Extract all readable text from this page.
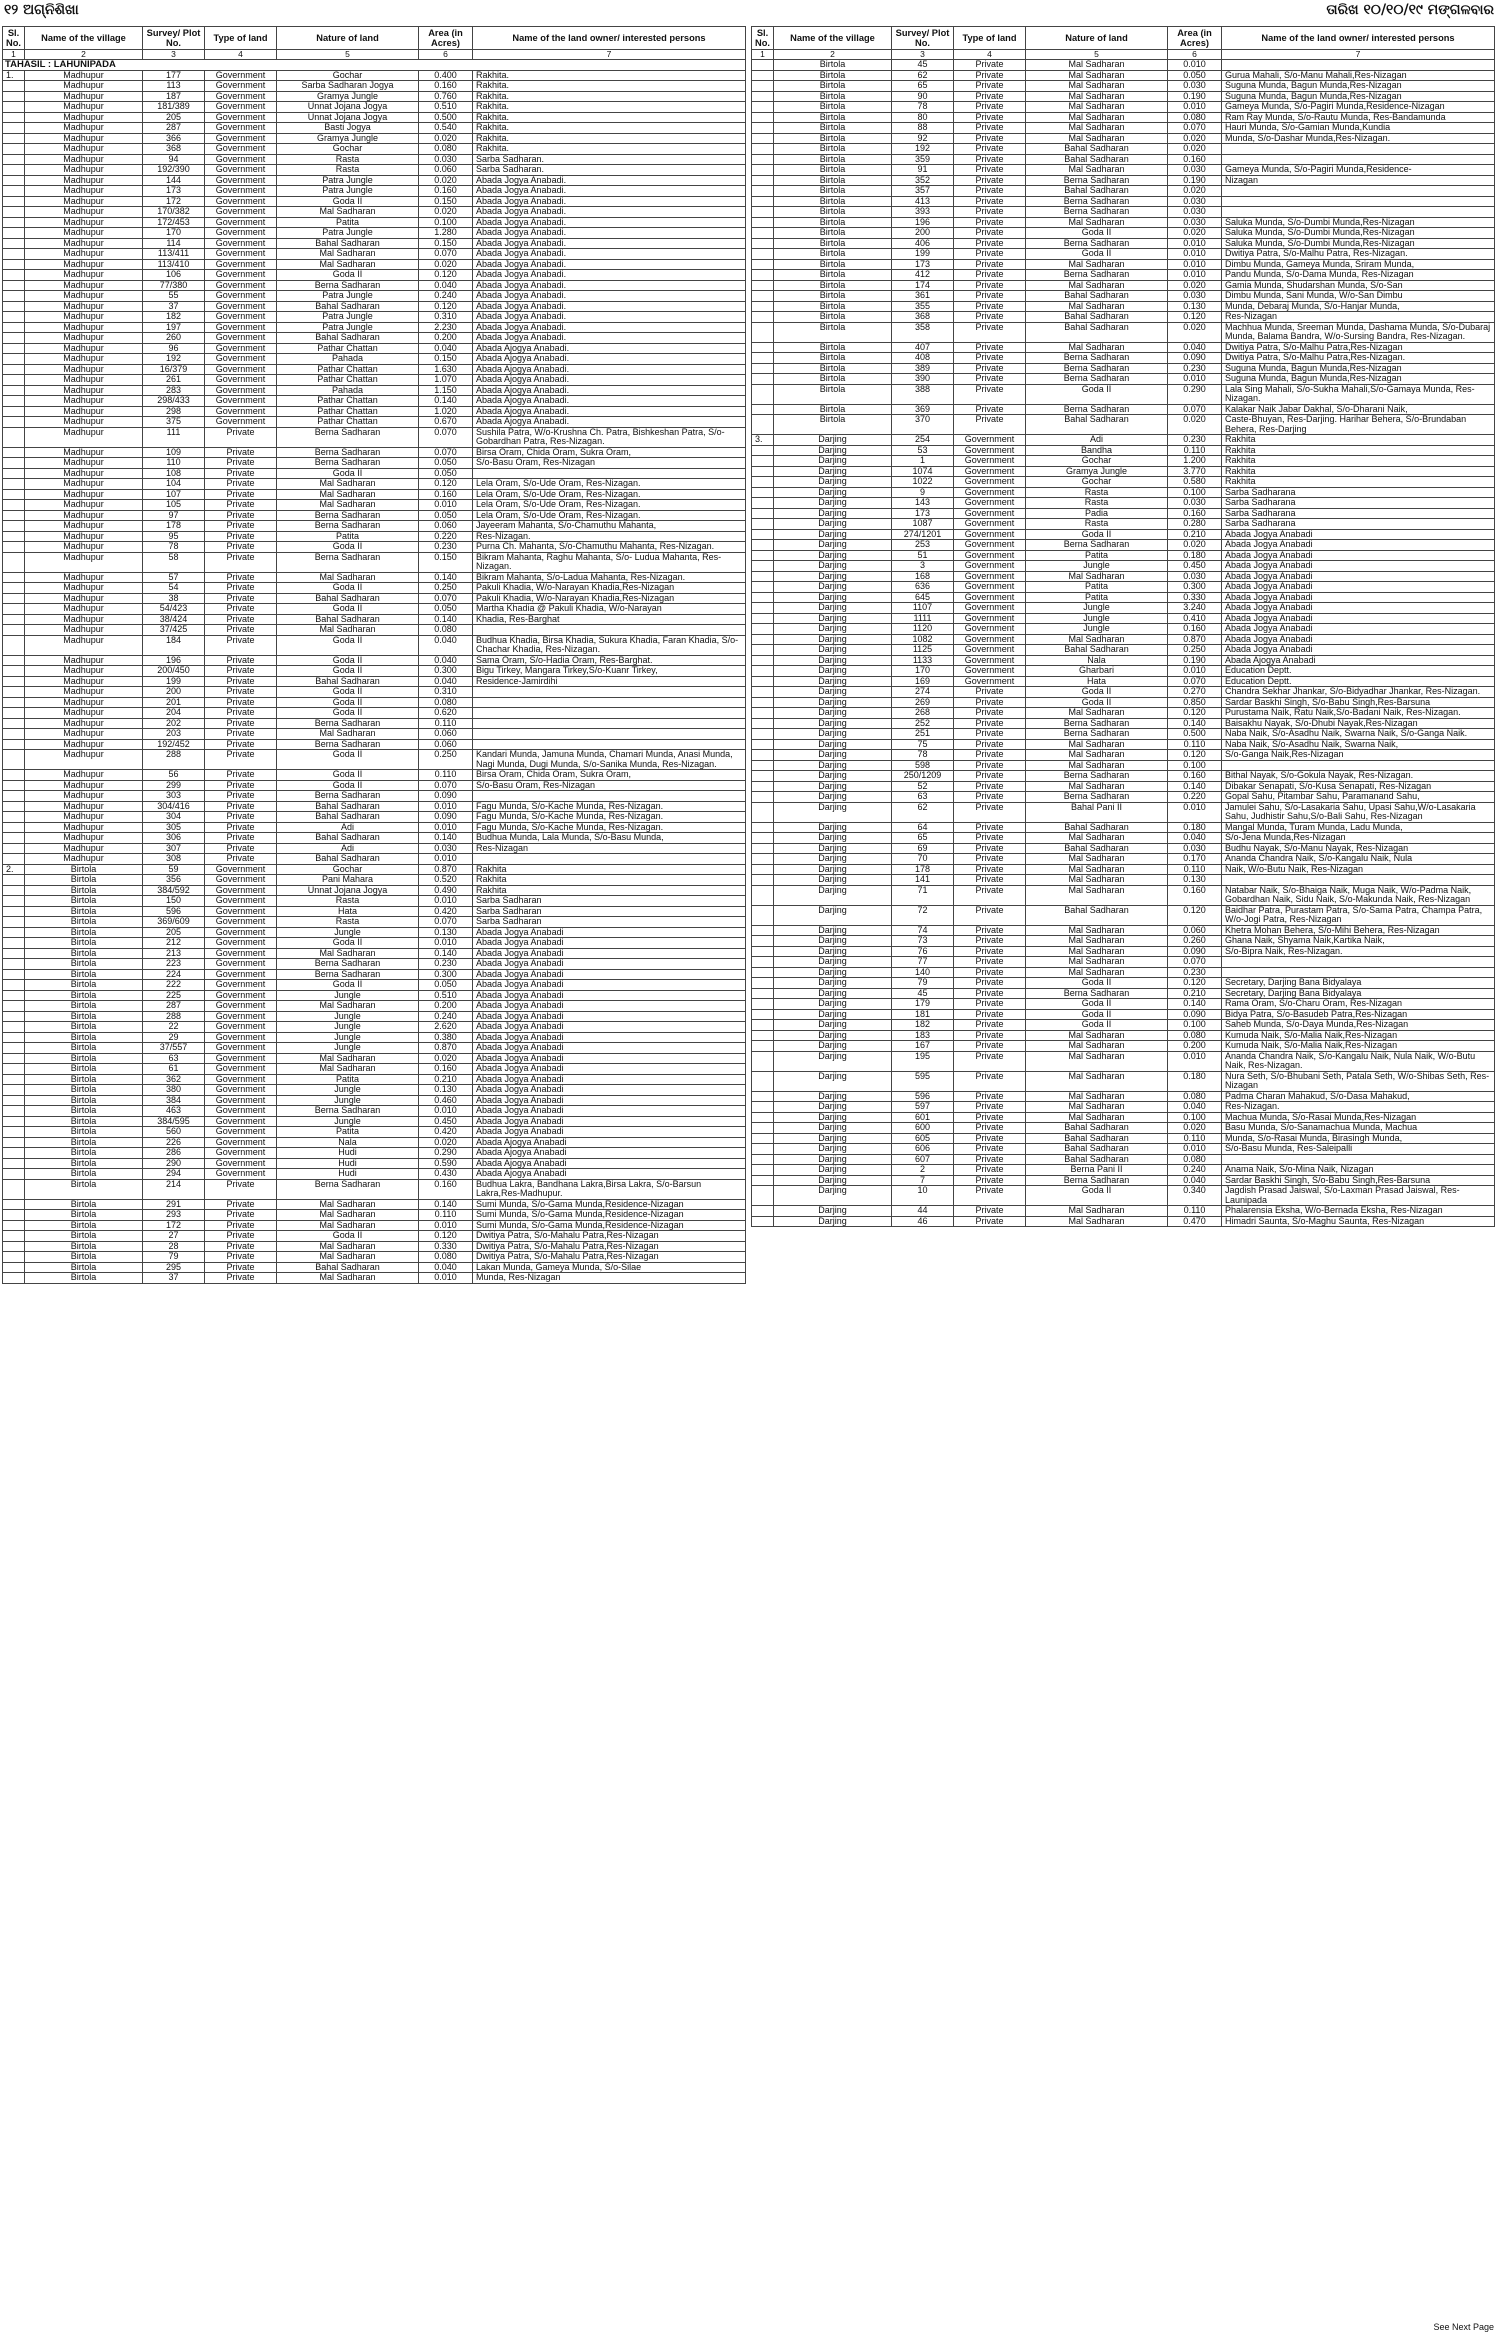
୧୨ ଅଗ୍ନିଶିଖା	ତାରିଖ ୧୦/୧୦/୧୯ ମଙ୍ଗଳବାର
Sl. No.	Name of the village	Survey/ Plot No.	Type of land	Nature of land	Area (in Acres)	Name of the land owner/ interested persons
1	2	3	4	5	6	7
TAHASIL : LAHUNIPADA						
1.	Madhupur	177	Government	Gochar	0.400	Rakhita.
	Madhupur	113	Government	Sarba Sadharan Jogya	0.160	Rakhita.
	Madhupur	187	Government	Gramya Jungle	0.760	Rakhita.
	Madhupur	181/389	Government	Unnat Jojana Jogya	0.510	Rakhita.
	Madhupur	205	Government	Unnat Jojana Jogya	0.500	Rakhita.
	Madhupur	287	Government	Basti Jogya	0.540	Rakhita.
	Madhupur	366	Government	Gramya Jungle	0.020	Rakhita.
	Madhupur	368	Government	Gochar	0.080	Rakhita.
	Madhupur	94	Government	Rasta	0.030	Sarba Sadharan.
	Madhupur	192/390	Government	Rasta	0.060	Sarba Sadharan.
	Madhupur	144	Government	Patra Jungle	0.020	Abada Jogya Anabadi.
	Madhupur	173	Government	Patra Jungle	0.160	Abada Jogya Anabadi.
	Madhupur	172	Government	Goda II	0.150	Abada Jogya Anabadi.
	Madhupur	170/382	Government	Mal Sadharan	0.020	Abada Jogya Anabadi.
	Madhupur	172/453	Government	Patita	0.100	Abada Jogya Anabadi.
	Madhupur	170	Government	Patra Jungle	1.280	Abada Jogya Anabadi.
	Madhupur	114	Government	Bahal Sadharan	0.150	Abada Jogya Anabadi.
	Madhupur	113/411	Government	Mal Sadharan	0.070	Abada Jogya Anabadi.
	Madhupur	113/410	Government	Mal Sadharan	0.020	Abada Jogya Anabadi.
	Madhupur	106	Government	Goda II	0.120	Abada Jogya Anabadi.
	Madhupur	77/380	Government	Berna Sadharan	0.040	Abada Jogya Anabadi.
	Madhupur	55	Government	Patra Jungle	0.240	Abada Jogya Anabadi.
	Madhupur	37	Government	Bahal Sadharan	0.120	Abada Jogya Anabadi.
	Madhupur	182	Government	Patra Jungle	0.310	Abada Jogya Anabadi.
	Madhupur	197	Government	Patra Jungle	2.230	Abada Jogya Anabadi.
	Madhupur	260	Government	Bahal Sadharan	0.200	Abada Jogya Anabadi.
	Madhupur	96	Government	Pathar Chattan	0.040	Abada Ajogya Anabadi.
	Madhupur	192	Government	Pahada	0.150	Abada Ajogya Anabadi.
	Madhupur	16/379	Government	Pathar Chattan	1.630	Abada Ajogya Anabadi.
	Madhupur	261	Government	Pathar Chattan	1.070	Abada Ajogya Anabadi.
	Madhupur	283	Government	Pahada	1.150	Abada Ajogya Anabadi.
	Madhupur	298/433	Government	Pathar Chattan	0.140	Abada Ajogya Anabadi.
	Madhupur	298	Government	Pathar Chattan	1.020	Abada Ajogya Anabadi.
	Madhupur	375	Government	Pathar Chattan	0.670	Abada Ajogya Anabadi.
	Madhupur	111	Private	Berna Sadharan	0.070	Sushila Patra, W/o-Krushna Ch. Patra, Bishkeshan Patra, S/o-Gobardhan Patra, Res-Nizagan.
	Madhupur	109	Private	Berna Sadharan	0.070	Birsa Oram, Chida Oram, Sukra Oram,
	Madhupur	110	Private	Berna Sadharan	0.050	S/o-Basu Oram, Res-Nizagan
	Madhupur	108	Private	Goda II	0.050	
	Madhupur	104	Private	Mal Sadharan	0.120	Lela Oram, S/o-Ude Oram, Res-Nizagan.
	Madhupur	107	Private	Mal Sadharan	0.160	Lela Oram, S/o-Ude Oram, Res-Nizagan.
	Madhupur	105	Private	Mal Sadharan	0.010	Lela Oram, S/o-Ude Oram, Res-Nizagan.
	Madhupur	97	Private	Berna Sadharan	0.050	Lela Oram, S/o-Ude Oram, Res-Nizagan.
	Madhupur	178	Private	Berna Sadharan	0.060	Jayeeram Mahanta, S/o-Chamuthu Mahanta,
	Madhupur	95	Private	Patita	0.220	Res-Nizagan.
	Madhupur	78	Private	Goda II	0.230	Purna Ch. Mahanta, S/o-Chamuthu Mahanta, Res-Nizagan.
	Madhupur	58	Private	Berna Sadharan	0.150	Bikram Mahanta, Raghu Mahanta, S/o- Ludua Mahanta, Res-Nizagan.
	Madhupur	57	Private	Mal Sadharan	0.140	Bikram Mahanta, S/o-Ladua Mahanta, Res-Nizagan.
	Madhupur	54	Private	Goda II	0.250	Pakuli Khadia, W/o-Narayan Khadia,Res-Nizagan
	Madhupur	38	Private	Bahal Sadharan	0.070	Pakuli Khadia, W/o-Narayan Khadia,Res-Nizagan
	Madhupur	54/423	Private	Goda II	0.050	Martha Khadia @ Pakuli Khadia, W/o-Narayan
	Madhupur	38/424	Private	Bahal Sadharan	0.140	Khadia, Res-Barghat
	Madhupur	37/425	Private	Mal Sadharan	0.080	
	Madhupur	184	Private	Goda II	0.040	Budhua Khadia, Birsa Khadia, Sukura Khadia, Faran Khadia, S/o-Chachar Khadia, Res-Nizagan.
	Madhupur	196	Private	Goda II	0.040	Sama Oram, S/o-Hadia Oram, Res-Barghat.
	Madhupur	200/450	Private	Goda II	0.300	Bigu Tirkey, Mangara Tirkey,S/o-Kuanr Tirkey,
	Madhupur	199	Private	Bahal Sadharan	0.040	Residence-Jamirdihi
	Madhupur	200	Private	Goda II	0.310	
	Madhupur	201	Private	Goda II	0.080	
	Madhupur	204	Private	Goda II	0.620	
	Madhupur	202	Private	Berna Sadharan	0.110	
	Madhupur	203	Private	Mal Sadharan	0.060	
	Madhupur	192/452	Private	Berna Sadharan	0.060	
	Madhupur	288	Private	Goda II	0.250	Kandari Munda, Jamuna Munda, Chamari Munda, Anasi Munda, Nagi Munda, Dugi Munda, S/o-Sanika Munda, Res-Nizagan.
	Madhupur	56	Private	Goda II	0.110	Birsa Oram, Chida Oram, Sukra Oram,
	Madhupur	299	Private	Goda II	0.070	S/o-Basu Oram, Res-Nizagan
	Madhupur	303	Private	Berna Sadharan	0.090	
	Madhupur	304/416	Private	Bahal Sadharan	0.010	Fagu Munda, S/o-Kache Munda, Res-Nizagan.
	Madhupur	304	Private	Bahal Sadharan	0.090	Fagu Munda, S/o-Kache Munda, Res-Nizagan.
	Madhupur	305	Private	Adi	0.010	Fagu Munda, S/o-Kache Munda, Res-Nizagan.
	Madhupur	306	Private	Bahal Sadharan	0.140	Budhua Munda, Lala Munda, S/o-Basu Munda,
	Madhupur	307	Private	Adi	0.030	Res-Nizagan
	Madhupur	308	Private	Bahal Sadharan	0.010	
2.	Birtola	59	Government	Gochar	0.870	Rakhita
	Birtola	356	Government	Pani Mahara	0.520	Rakhita
	Birtola	384/592	Government	Unnat Jojana Jogya	0.490	Rakhita
	Birtola	150	Government	Rasta	0.010	Sarba Sadharan
	Birtola	596	Government	Hata	0.420	Sarba Sadharan
	Birtola	369/609	Government	Rasta	0.070	Sarba Sadharan
	Birtola	205	Government	Jungle	0.130	Abada Jogya Anabadi
	Birtola	212	Government	Goda II	0.010	Abada Jogya Anabadi
	Birtola	213	Government	Mal Sadharan	0.140	Abada Jogya Anabadi
	Birtola	223	Government	Berna Sadharan	0.230	Abada Jogya Anabadi
	Birtola	224	Government	Berna Sadharan	0.300	Abada Jogya Anabadi
	Birtola	222	Government	Goda II	0.050	Abada Jogya Anabadi
	Birtola	225	Government	Jungle	0.510	Abada Jogya Anabadi
	Birtola	287	Government	Mal Sadharan	0.200	Abada Jogya Anabadi
	Birtola	288	Government	Jungle	0.240	Abada Jogya Anabadi
	Birtola	22	Government	Jungle	2.620	Abada Jogya Anabadi
	Birtola	29	Government	Jungle	0.380	Abada Jogya Anabadi
	Birtola	37/557	Government	Jungle	0.870	Abada Jogya Anabadi
	Birtola	63	Government	Mal Sadharan	0.020	Abada Jogya Anabadi
	Birtola	61	Government	Mal Sadharan	0.160	Abada Jogya Anabadi
	Birtola	362	Government	Patita	0.210	Abada Jogya Anabadi
	Birtola	380	Government	Jungle	0.130	Abada Jogya Anabadi
	Birtola	384	Government	Jungle	0.460	Abada Jogya Anabadi
	Birtola	463	Government	Berna Sadharan	0.010	Abada Jogya Anabadi
	Birtola	384/595	Government	Jungle	0.450	Abada Jogya Anabadi
	Birtola	560	Government	Patita	0.420	Abada Jogya Anabadi
	Birtola	226	Government	Nala	0.020	Abada Ajogya Anabadi
	Birtola	286	Government	Hudi	0.290	Abada Ajogya Anabadi
	Birtola	290	Government	Hudi	0.590	Abada Ajogya Anabadi
	Birtola	294	Government	Hudi	0.430	Abada Ajogya Anabadi
	Birtola	214	Private	Berna Sadharan	0.160	Budhua Lakra, Bandhana Lakra,Birsa Lakra, S/o-Barsun Lakra,Res-Madhupur.
	Birtola	291	Private	Mal Sadharan	0.140	Sumi Munda, S/o-Gama Munda,Residence-Nizagan
	Birtola	293	Private	Mal Sadharan	0.110	Sumi Munda, S/o-Gama Munda,Residence-Nizagan
	Birtola	172	Private	Mal Sadharan	0.010	Sumi Munda, S/o-Gama Munda,Residence-Nizagan
	Birtola	27	Private	Goda II	0.120	Dwitiya Patra, S/o-Mahalu Patra,Res-Nizagan
	Birtola	28	Private	Mal Sadharan	0.330	Dwitiya Patra, S/o-Mahalu Patra,Res-Nizagan
	Birtola	79	Private	Mal Sadharan	0.080	Dwitiya Patra, S/o-Mahalu Patra,Res-Nizagan
	Birtola	295	Private	Bahal Sadharan	0.040	Lakan Munda, Gameya Munda, S/o-Silae
	Birtola	37	Private	Mal Sadharan	0.010	Munda, Res-Nizagan
Sl. No.	Name of the village	Survey/ Plot No.	Type of land	Nature of land	Area (in Acres)	Name of the land owner/ interested persons
1	2	3	4	5	6	7
	Birtola	45	Private	Mal Sadharan	0.010	
	Birtola	62	Private	Mal Sadharan	0.050	Gurua Mahali, S/o-Manu Mahali,Res-Nizagan
	Birtola	65	Private	Mal Sadharan	0.030	Suguna Munda, Bagun Munda,Res-Nizagan
	Birtola	90	Private	Mal Sadharan	0.190	Suguna Munda, Bagun Munda,Res-Nizagan
	Birtola	78	Private	Mal Sadharan	0.010	Gameya Munda, S/o-Pagiri Munda,Residence-Nizagan
	Birtola	80	Private	Mal Sadharan	0.080	Ram Ray Munda, S/o-Rautu Munda, Res-Bandamunda
	Birtola	88	Private	Mal Sadharan	0.070	Hauri Munda, S/o-Gamian Munda,Kundia
	Birtola	92	Private	Mal Sadharan	0.020	Munda, S/o-Dashar Munda,Res-Nizagan.
	Birtola	192	Private	Bahal Sadharan	0.020	
	Birtola	359	Private	Bahal Sadharan	0.160	
	Birtola	91	Private	Mal Sadharan	0.030	Gameya Munda, S/o-Pagiri Munda,Residence-
	Birtola	352	Private	Berna Sadharan	0.190	Nizagan
	Birtola	357	Private	Bahal Sadharan	0.020	
	Birtola	413	Private	Berna Sadharan	0.030	
	Birtola	393	Private	Berna Sadharan	0.030	
	Birtola	196	Private	Mal Sadharan	0.030	Saluka Munda, S/o-Dumbi Munda,Res-Nizagan
	Birtola	200	Private	Goda II	0.020	Saluka Munda, S/o-Dumbi Munda,Res-Nizagan
	Birtola	406	Private	Berna Sadharan	0.010	Saluka Munda, S/o-Dumbi Munda,Res-Nizagan
	Birtola	199	Private	Goda II	0.010	Dwitiya Patra, S/o-Malhu Patra, Res-Nizagan.
	Birtola	173	Private	Mal Sadharan	0.010	Dimbu Munda, Gameya Munda, Sriram Munda,
	Birtola	412	Private	Berna Sadharan	0.010	Pandu Munda, S/o-Dama Munda, Res-Nizagan
	Birtola	174	Private	Mal Sadharan	0.020	Gamia Munda, Shudarshan Munda, S/o-San
	Birtola	361	Private	Bahal Sadharan	0.030	Dimbu Munda, Sani Munda, W/o-San Dimbu
	Birtola	355	Private	Mal Sadharan	0.130	Munda, Debaraj Munda, S/o-Hanjar Munda,
	Birtola	368	Private	Bahal Sadharan	0.120	Res-Nizagan
	Birtola	358	Private	Bahal Sadharan	0.020	Machhua Munda, Sreeman Munda, Dashama Munda, S/o-Dubaraj Munda, Balama Bandra, W/o-Sursing Bandra, Res-Nizagan.
	Birtola	407	Private	Mal Sadharan	0.040	Dwitiya Patra, S/o-Malhu Patra,Res-Nizagan
	Birtola	408	Private	Berna Sadharan	0.090	Dwitiya Patra, S/o-Malhu Patra,Res-Nizagan.
	Birtola	389	Private	Berna Sadharan	0.230	Suguna Munda, Bagun Munda,Res-Nizagan
	Birtola	390	Private	Berna Sadharan	0.010	Suguna Munda, Bagun Munda,Res-Nizagan
	Birtola	388	Private	Goda II	0.290	Lala Sing Mahali, S/o-Sukha Mahali,S/o-Gamaya Munda, Res-Nizagan.
	Birtola	369	Private	Berna Sadharan	0.070	Kalakar Naik Jabar Dakhal, S/o-Dharani Naik,
	Birtola	370	Private	Bahal Sadharan	0.020	Caste-Bhuyan, Res-Darjing. Harihar Behera, S/o-Brundaban Behera, Res-Darjing
3.	Darjing	254	Government	Adi	0.230	Rakhita
	Darjing	53	Government	Bandha	0.110	Rakhita
	Darjing	1	Government	Gochar	1.200	Rakhita
	Darjing	1074	Government	Gramya Jungle	3.770	Rakhita
	Darjing	1022	Government	Gochar	0.580	Rakhita
	Darjing	9	Government	Rasta	0.100	Sarba Sadharana
	Darjing	143	Government	Rasta	0.030	Sarba Sadharana
	Darjing	173	Government	Padia	0.160	Sarba Sadharana
	Darjing	1087	Government	Rasta	0.280	Sarba Sadharana
	Darjing	274/1201	Government	Goda II	0.210	Abada Jogya Anabadi
	Darjing	253	Government	Berna Sadharan	0.020	Abada Jogya Anabadi
	Darjing	51	Government	Patita	0.180	Abada Jogya Anabadi
	Darjing	3	Government	Jungle	0.450	Abada Jogya Anabadi
	Darjing	168	Government	Mal Sadharan	0.030	Abada Jogya Anabadi
	Darjing	636	Government	Patita	0.300	Abada Jogya Anabadi
	Darjing	645	Government	Patita	0.330	Abada Jogya Anabadi
	Darjing	1107	Government	Jungle	3.240	Abada Jogya Anabadi
	Darjing	1111	Government	Jungle	0.410	Abada Jogya Anabadi
	Darjing	1120	Government	Jungle	0.160	Abada Jogya Anabadi
	Darjing	1082	Government	Mal Sadharan	0.870	Abada Jogya Anabadi
	Darjing	1125	Government	Bahal Sadharan	0.250	Abada Jogya Anabadi
	Darjing	1133	Government	Nala	0.190	Abada Ajogya Anabadi
	Darjing	170	Government	Gharbari	0.010	Education Deptt.
	Darjing	169	Government	Hata	0.070	Education Deptt.
	Darjing	274	Private	Goda II	0.270	Chandra Sekhar Jhankar, S/o-Bidyadhar Jhankar, Res-Nizagan.
	Darjing	269	Private	Goda II	0.850	Sardar Baskhi Singh, S/o-Babu Singh,Res-Barsuna
	Darjing	268	Private	Mal Sadharan	0.120	Purustama Naik, Ratu Naik,S/o-Badani Naik, Res-Nizagan.
	Darjing	252	Private	Berna Sadharan	0.140	Baisakhu Nayak, S/o-Dhubi Nayak,Res-Nizagan
	Darjing	251	Private	Berna Sadharan	0.500	Naba Naik, S/o-Asadhu Naik, Swarna Naik, S/o-Ganga Naik.
	Darjing	75	Private	Mal Sadharan	0.110	Naba Naik, S/o-Asadhu Naik, Swarna Naik,
	Darjing	78	Private	Mal Sadharan	0.120	S/o-Ganga Naik,Res-Nizagan
	Darjing	598	Private	Mal Sadharan	0.100	
	Darjing	250/1209	Private	Berna Sadharan	0.160	Bithal Nayak, S/o-Gokula Nayak, Res-Nizagan.
	Darjing	52	Private	Mal Sadharan	0.140	Dibakar Senapati, S/o-Kusa Senapati, Res-Nizagan
	Darjing	63	Private	Berna Sadharan	0.220	Gopal Sahu, Pitambar Sahu, Paramanand Sahu,
	Darjing	62	Private	Bahal Pani II	0.010	Jamulei Sahu, S/o-Lasakaria Sahu, Upasi Sahu,W/o-Lasakaria Sahu, Judhistir Sahu,S/o-Bali Sahu, Res-Nizagan
	Darjing	64	Private	Bahal Sadharan	0.180	Mangal Munda, Turam Munda, Ladu Munda,
	Darjing	65	Private	Mal Sadharan	0.040	S/o-Jena Munda,Res-Nizagan
	Darjing	69	Private	Bahal Sadharan	0.030	Budhu Nayak, S/o-Manu Nayak, Res-Nizagan
	Darjing	70	Private	Mal Sadharan	0.170	Ananda Chandra Naik, S/o-Kangalu Naik, Nula
	Darjing	178	Private	Mal Sadharan	0.110	Naik, W/o-Butu Naik, Res-Nizagan
	Darjing	141	Private	Mal Sadharan	0.130	
	Darjing	71	Private	Mal Sadharan	0.160	Natabar Naik, S/o-Bhaiga Naik, Muga Naik, W/o-Padma Naik, Gobardhan Naik, Sidu Naik, S/o-Makunda Naik, Res-Nizagan
	Darjing	72	Private	Bahal Sadharan	0.120	Baidhar Patra, Purastam Patra, S/o-Sama Patra, Champa Patra, W/o-Jogi Patra, Res-Nizagan
	Darjing	74	Private	Mal Sadharan	0.060	Khetra Mohan Behera, S/o-Mihi Behera, Res-Nizagan
	Darjing	73	Private	Mal Sadharan	0.260	Ghana Naik, Shyama Naik,Kartika Naik,
	Darjing	76	Private	Mal Sadharan	0.090	S/o-Bipra Naik, Res-Nizagan.
	Darjing	77	Private	Mal Sadharan	0.070	
	Darjing	140	Private	Mal Sadharan	0.230	
	Darjing	79	Private	Goda II	0.120	Secretary, Darjing Bana Bidyalaya
	Darjing	45	Private	Berna Sadharan	0.210	Secretary, Darjing Bana Bidyalaya
	Darjing	179	Private	Goda II	0.140	Rama Oram, S/o-Charu Oram, Res-Nizagan
	Darjing	181	Private	Goda II	0.090	Bidya Patra, S/o-Basudeb Patra,Res-Nizagan
	Darjing	182	Private	Goda II	0.100	Saheb Munda, S/o-Daya Munda,Res-Nizagan
	Darjing	183	Private	Mal Sadharan	0.080	Kumuda Naik, S/o-Malia Naik,Res-Nizagan
	Darjing	167	Private	Mal Sadharan	0.200	Kumuda Naik, S/o-Malia Naik,Res-Nizagan
	Darjing	195	Private	Mal Sadharan	0.010	Ananda Chandra Naik, S/o-Kangalu Naik, Nula Naik, W/o-Butu Naik, Res-Nizagan.
	Darjing	595	Private	Mal Sadharan	0.180	Nura Seth, S/o-Bhubani Seth, Patala Seth, W/o-Shibas Seth, Res-Nizagan
	Darjing	596	Private	Mal Sadharan	0.080	Padma Charan Mahakud, S/o-Dasa Mahakud,
	Darjing	597	Private	Mal Sadharan	0.040	Res-Nizagan.
	Darjing	601	Private	Mal Sadharan	0.100	Machua Munda, S/o-Rasai Munda,Res-Nizagan
	Darjing	600	Private	Bahal Sadharan	0.020	Basu Munda, S/o-Sanamachua Munda, Machua
	Darjing	605	Private	Bahal Sadharan	0.110	Munda, S/o-Rasai Munda, Birasingh Munda,
	Darjing	606	Private	Bahal Sadharan	0.010	S/o-Basu Munda, Res-Saleipalli
	Darjing	607	Private	Bahal Sadharan	0.080	
	Darjing	2	Private	Berna Pani II	0.240	Anama Naik, S/o-Mina Naik, Nizagan
	Darjing	7	Private	Berna Sadharan	0.040	Sardar Baskhi Singh, S/o-Babu Singh,Res-Barsuna
	Darjing	10	Private	Goda II	0.340	Jagdish Prasad Jaiswal, S/o-Laxman Prasad Jaiswal, Res-Launipada
	Darjing	44	Private	Mal Sadharan	0.110	Phalarensia Eksha, W/o-Bernada Eksha, Res-Nizagan
	Darjing	46	Private	Mal Sadharan	0.470	Himadri Saunta, S/o-Maghu Saunta, Res-Nizagan
See Next Page
